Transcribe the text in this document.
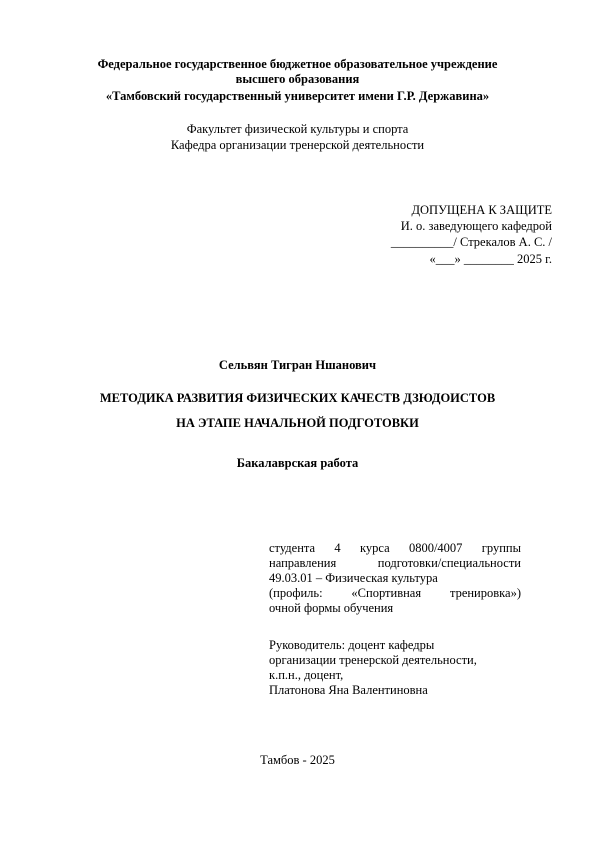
Федеральное государственное бюджетное образовательное учреждение
высшего образования
«Тамбовский государственный университет имени Г.Р. Державина»
Факультет физической культуры и спорта
Кафедра организации тренерской деятельности
ДОПУЩЕНА К ЗАЩИТЕ
И. о. заведующего кафедрой
__________/ Стрекалов А. С. /
«___» ________ 2025 г.
Сельвян Тигран Ншанович
МЕТОДИКА РАЗВИТИЯ ФИЗИЧЕСКИХ КАЧЕСТВ ДЗЮДОИСТОВ
НА ЭТАПЕ НАЧАЛЬНОЙ ПОДГОТОВКИ
Бакалаврская работа
студента 4 курса 0800/4007 группы
направления подготовки/специальности
49.03.01 – Физическая культура
(профиль: «Спортивная тренировка»)
очной формы обучения
Руководитель: доцент кафедры
организации тренерской деятельности,
к.п.н., доцент,
Платонова Яна Валентиновна
Тамбов - 2025
